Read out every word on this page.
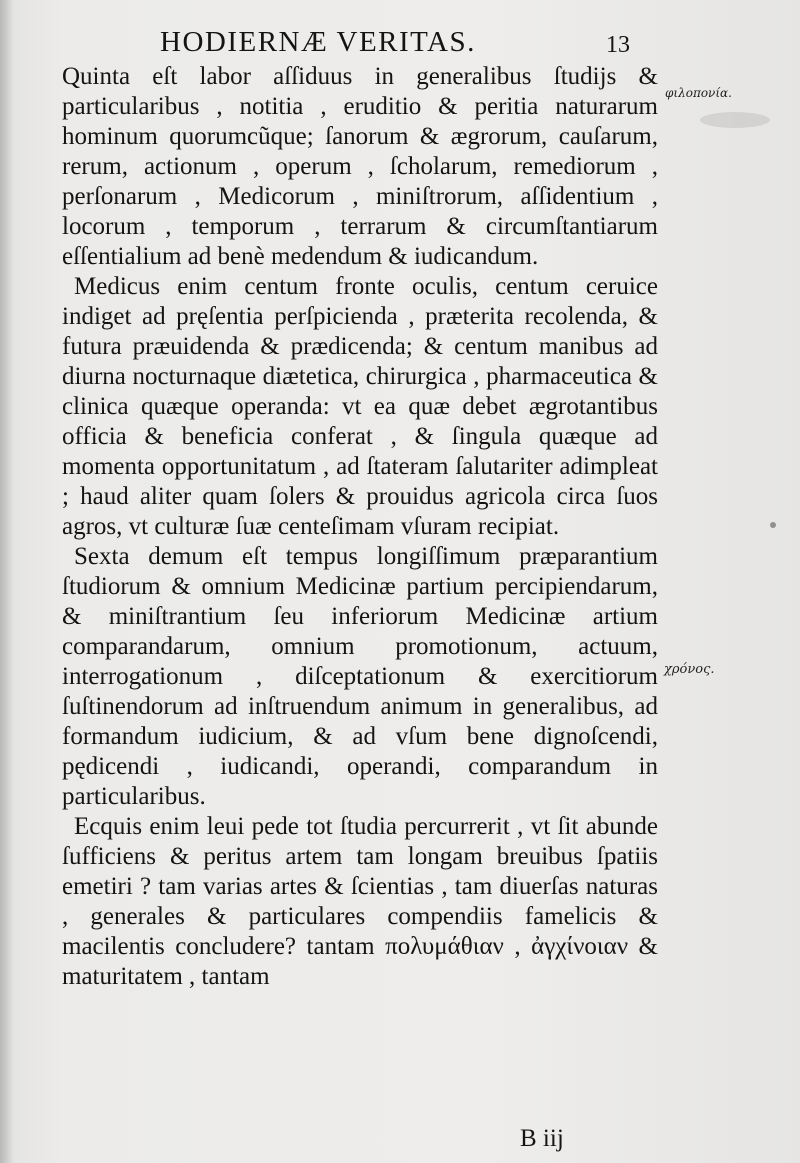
HODIERNÆ VERITAS.	13
φιλοπονία.
χρόνος.

Quinta eſt labor aſſiduus in generalibus ſtudijs & particularibus , notitia , eruditio & peritia naturarum hominum quorumcũque; ſanorum & ægrorum, cauſarum, rerum, actionum , operum , ſcholarum, remediorum , perſonarum , Medicorum , miniſtrorum, aſſidentium , locorum , temporum , terrarum & circumſtantiarum eſſentialium ad benè medendum & iudicandum.

Medicus enim centum fronte oculis, centum ceruice indiget ad pręſentia perſpicienda , præterita recolenda, & futura præuidenda & prædicenda; & centum manibus ad diurna nocturnaque diætetica, chirurgica , pharmaceutica & clinica quæque operanda: vt ea quæ debet ægrotantibus officia & beneficia conferat , & ſingula quæque ad momenta opportunitatum , ad ſtateram ſalutariter adimpleat ; haud aliter quam ſolers & prouidus agricola circa ſuos agros, vt culturæ ſuæ centeſimam vſuram recipiat.

Sexta demum eſt tempus longiſſimum præparantium ſtudiorum & omnium Medicinæ partium percipiendarum, & miniſtrantium ſeu inferiorum Medicinæ artium comparandarum, omnium promotionum, actuum, interrogationum , diſceptationum & exercitiorum ſuſtinendorum ad inſtruendum animum in generalibus, ad formandum iudicium, & ad vſum bene dignoſcendi, pędicendi , iudicandi, operandi, comparandum in particularibus.

Ecquis enim leui pede tot ſtudia percurrerit , vt ſit abunde ſufficiens & peritus artem tam longam breuibus ſpatiis emetiri ? tam varias artes & ſcientias , tam diuerſas naturas , generales & particulares compendiis famelicis & macilentis concludere? tantam πολυμάθιαν , ἀγχίνοιαν & maturitatem , tantam

B iij
